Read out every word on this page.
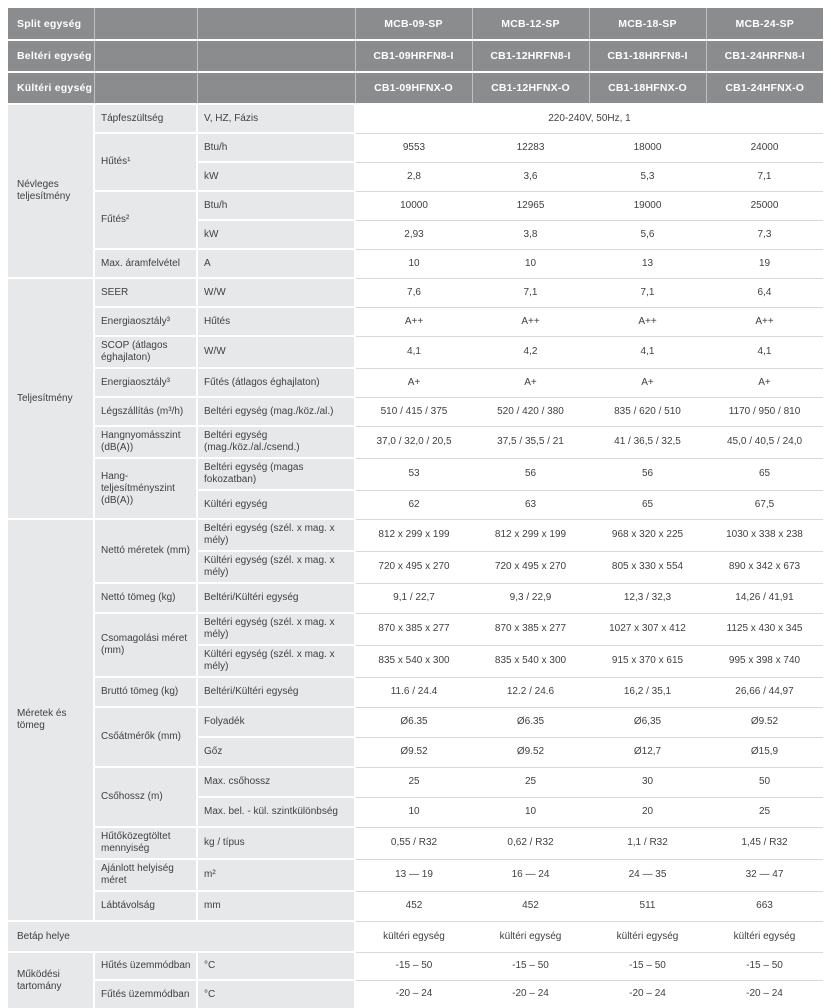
Split egység			MCB-09-SP	MCB-12-SP	MCB-18-SP	MCB-24-SP
Beltéri egység			CB1-09HRFN8-I	CB1-12HRFN8-I	CB1-18HRFN8-I	CB1-24HRFN8-I
Kültéri egység			CB1-09HFNX-O	CB1-12HFNX-O	CB1-18HFNX-O	CB1-24HFNX-O
Névleges teljesítmény	Tápfeszültség	V, HZ, Fázis	220-240V, 50Hz, 1			
	Hűtés¹	Btu/h	9553	12283	18000	24000
		kW	2,8	3,6	5,3	7,1
	Fűtés²	Btu/h	10000	12965	19000	25000
		kW	2,93	3,8	5,6	7,3
	Max. áramfelvétel	A	10	10	13	19
Teljesítmény	SEER	W/W	7,6	7,1	7,1	6,4
	Energiaosztály³	Hűtés	A++	A++	A++	A++
	SCOP (átlagos éghajlaton)	W/W	4,1	4,2	4,1	4,1
	Energiaosztály³	Fűtés (átlagos éghajlaton)	A+	A+	A+	A+
	Légszállítás (m³/h)	Beltéri egység (mag./köz./al.)	510 / 415 / 375	520 / 420 / 380	835 / 620 / 510	1170 / 950 / 810
	Hangnyomásszint (dB(A))	Beltéri egység (mag./köz./al./csend.)	37,0 / 32,0 / 20,5	37,5 / 35,5 / 21	41 / 36,5 / 32,5	45,0 / 40,5 / 24,0
	Hang-teljesítményszint (dB(A))	Beltéri egység (magas fokozatban)	53	56	56	65
		Kültéri egység	62	63	65	67,5
Méretek és tömeg	Nettó méretek (mm)	Beltéri egység (szél. x mag. x mély)	812 x 299 x 199	812 x 299 x 199	968 x 320 x 225	1030 x 338 x 238
		Kültéri egység (szél. x mag. x mély)	720 x 495 x 270	720 x 495 x 270	805 x 330 x 554	890 x 342 x 673
	Nettó tömeg (kg)	Beltéri/Kültéri egység	9,1 / 22,7	9,3 / 22,9	12,3 / 32,3	14,26 / 41,91
	Csomagolási méret (mm)	Beltéri egység (szél. x mag. x mély)	870 x 385 x 277	870 x 385 x 277	1027 x 307 x 412	1125 x 430 x 345
		Kültéri egység (szél. x mag. x mély)	835 x 540 x 300	835 x 540 x 300	915 x 370 x 615	995 x 398 x 740
	Bruttó tömeg (kg)	Beltéri/Kültéri egység	11.6 / 24.4	12.2 / 24.6	16,2 / 35,1	26,66 / 44,97
	Csőátmérők (mm)	Folyadék	Ø6.35	Ø6.35	Ø6,35	Ø9.52
		Gőz	Ø9.52	Ø9.52	Ø12,7	Ø15,9
	Csőhossz (m)	Max. csőhossz	25	25	30	50
		Max. bel. - kül. szintkülönbség	10	10	20	25
	Hűtőközegtöltet mennyiség	kg / típus	0,55 / R32	0,62 / R32	1,1 / R32	1,45 / R32
	Ajánlott helyiség méret	m²	13 — 19	16 — 24	24 — 35	32 — 47
	Lábtávolság	mm	452	452	511	663
Betáp helye			kültéri egység	kültéri egység	kültéri egység	kültéri egység
Működési tartomány	Hűtés üzemmódban	°C	-15 – 50	-15 – 50	-15 – 50	-15 – 50
	Fűtés üzemmódban	°C	-20 – 24	-20 – 24	-20 – 24	-20 – 24
